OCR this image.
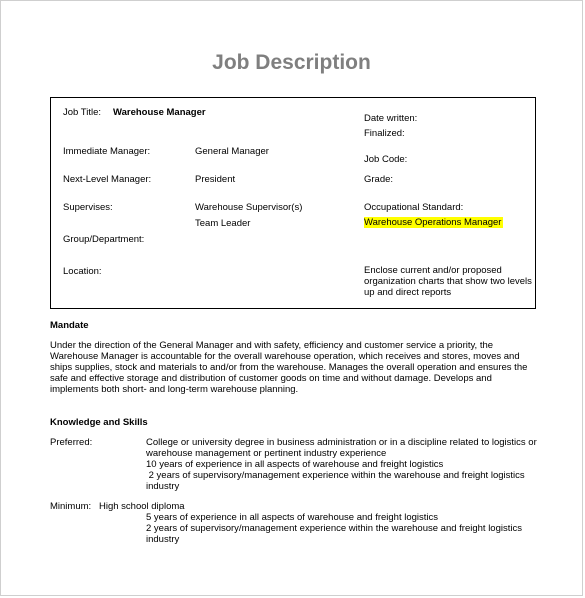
Job Description
Job Title: Warehouse Manager
Immediate Manager:	General Manager
Next-Level Manager:	President
Supervises:	Warehouse Supervisor(s)
Team Leader
Group/Department:
Location:
Date written:
Finalized:
Job Code:
Grade:
Occupational Standard:
Warehouse Operations Manager
Enclose current and/or proposed
organization charts that show two levels
up and direct reports
Mandate
Under the direction of the General Manager and with safety, efficiency and customer service a priority, the
Warehouse Manager is accountable for the overall warehouse operation, which receives and stores, moves and
ships supplies, stock and materials to and/or from the warehouse. Manages the overall operation and ensures the
safe and effective storage and distribution of customer goods on time and without damage. Develops and
implements both short- and long-term warehouse planning.
Knowledge and Skills
Preferred:	College or university degree in business administration or in a discipline related to logistics or
warehouse management or pertinent industry experience
10 years of experience in all aspects of warehouse and freight logistics
2 years of supervisory/management experience within the warehouse and freight logistics
industry
Minimum: High school diploma
5 years of experience in all aspects of warehouse and freight logistics
2 years of supervisory/management experience within the warehouse and freight logistics
industry
